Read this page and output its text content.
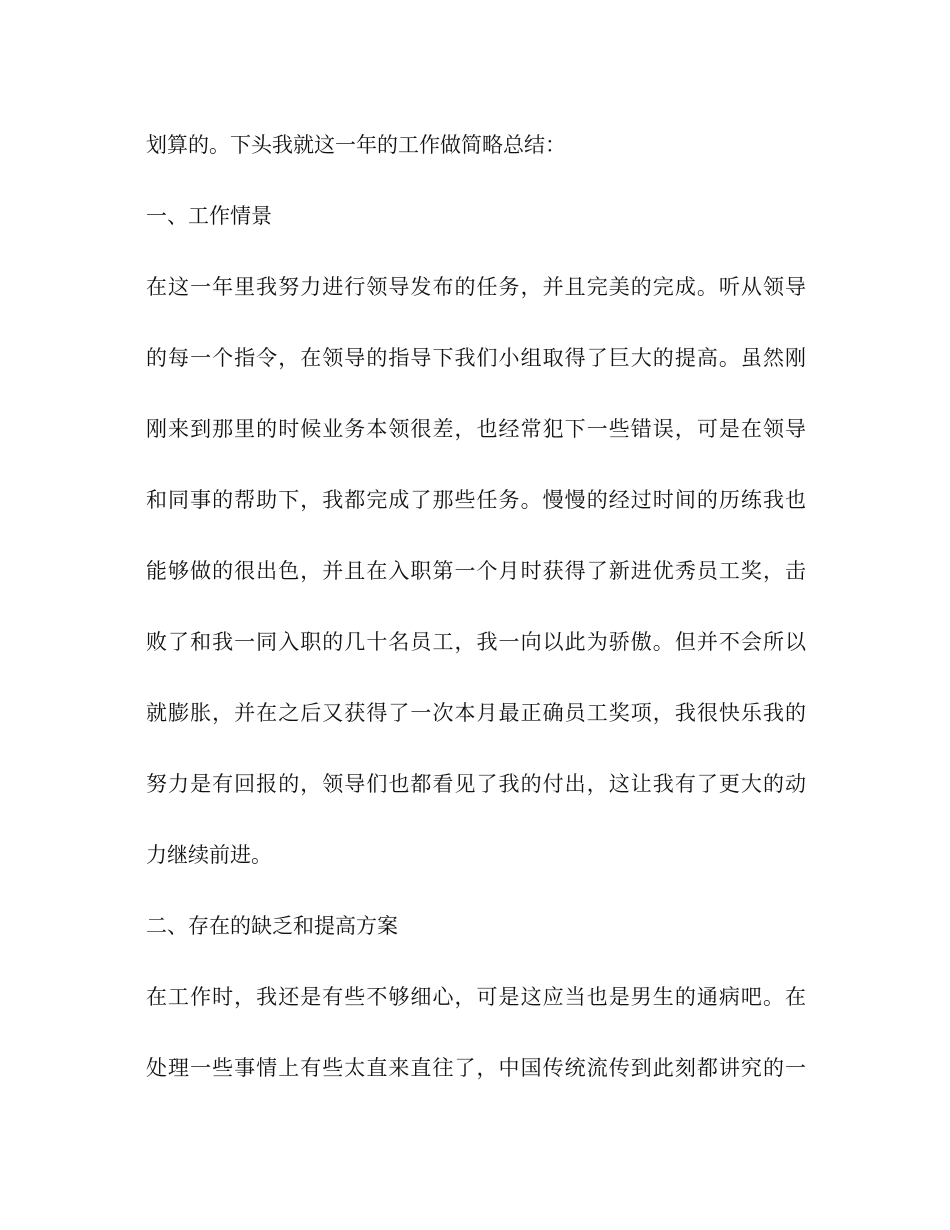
划算的。下头我就这一年的工作做简略总结：

一、工作情景

在这一年里我努力进行领导发布的任务，并且完美的完成。听从领导

的每一个指令，在领导的指导下我们小组取得了巨大的提高。虽然刚

刚来到那里的时候业务本领很差，也经常犯下一些错误，可是在领导

和同事的帮助下，我都完成了那些任务。慢慢的经过时间的历练我也

能够做的很出色，并且在入职第一个月时获得了新进优秀员工奖，击

败了和我一同入职的几十名员工，我一向以此为骄傲。但并不会所以

就膨胀，并在之后又获得了一次本月最正确员工奖项，我很快乐我的

努力是有回报的，领导们也都看见了我的付出，这让我有了更大的动

力继续前进。

二、存在的缺乏和提高方案

在工作时，我还是有些不够细心，可是这应当也是男生的通病吧。在

处理一些事情上有些太直来直往了，中国传统流传到此刻都讲究的一
